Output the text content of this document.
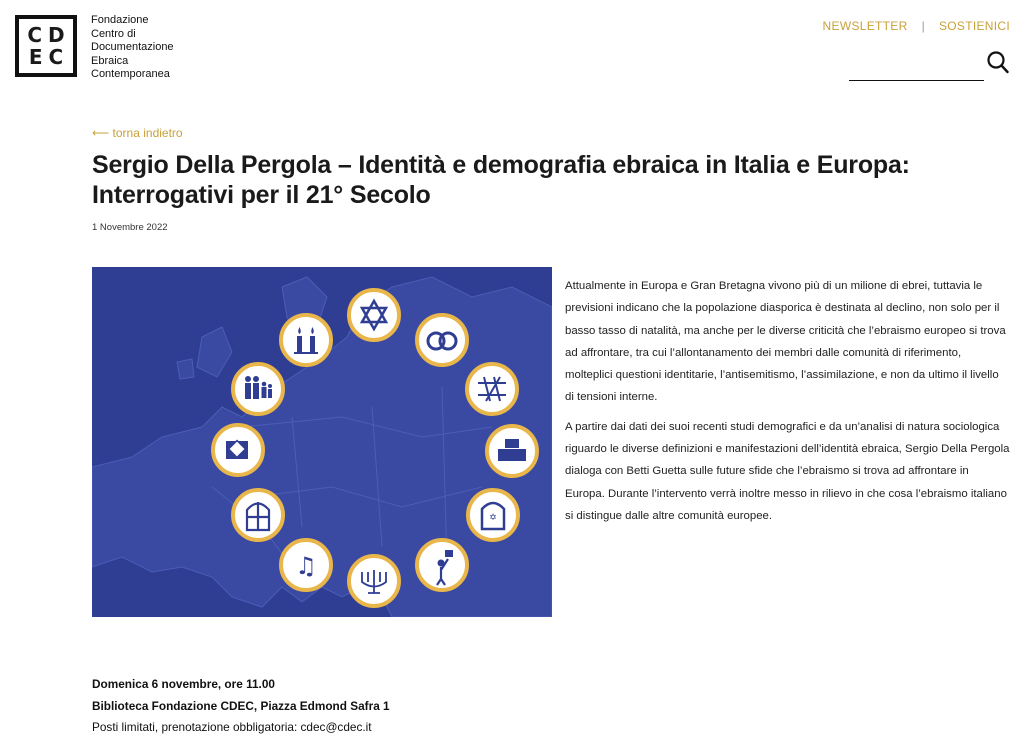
CD
EC
Fondazione
Centro di
Documentazione
Ebraica
Contemporanea
NEWSLETTER | SOSTIENICI
⟵ torna indietro
Sergio Della Pergola – Identità e demografia ebraica in Italia e Europa: Interrogativi per il 21° Secolo
1 Novembre 2022
✡
♫

Attualmente in Europa e Gran Bretagna vivono più di un milione di ebrei, tuttavia le previsioni indicano che la popolazione diasporica è destinata al declino, non solo per il basso tasso di natalità, ma anche per le diverse criticità che l’ebraismo europeo si trova ad affrontare, tra cui l’allontanamento dei membri dalle comunità di riferimento, molteplici questioni identitarie, l’antisemitismo, l’assimilazione, e non da ultimo il livello di tensioni interne.

A partire dai dati dei suoi recenti studi demografici e da un’analisi di natura sociologica riguardo le diverse definizioni e manifestazioni dell’identità ebraica, Sergio Della Pergola dialoga con Betti Guetta sulle future sfide che l’ebraismo si trova ad affrontare in Europa. Durante l’intervento verrà inoltre messo in rilievo in che cosa l’ebraismo italiano si distingue dalle altre comunità europee.

Domenica 6 novembre, ore 11.00
Biblioteca Fondazione CDEC, Piazza Edmond Safra 1
Posti limitati, prenotazione obbligatoria: cdec@cdec.it
